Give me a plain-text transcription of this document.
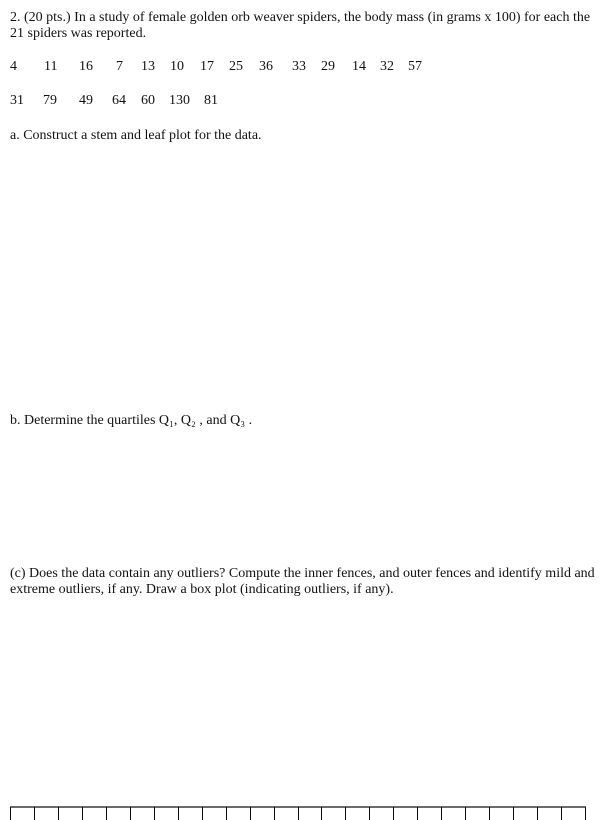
2. (20 pts.) In a study of female golden orb weaver spiders, the body mass (in grams x 100) for each the 21 spiders was reported.

4 11 16 7 13 10 17 25 36 33 29 14 32 57
31 79 49 64 60 130 81

a. Construct a stem and leaf plot for the data.

b. Determine the quartiles Q₁, Q₂ , and Q₃ .

(c) Does the data contain any outliers? Compute the inner fences, and outer fences and identify mild and extreme outliers, if any. Draw a box plot (indicating outliers, if any).
